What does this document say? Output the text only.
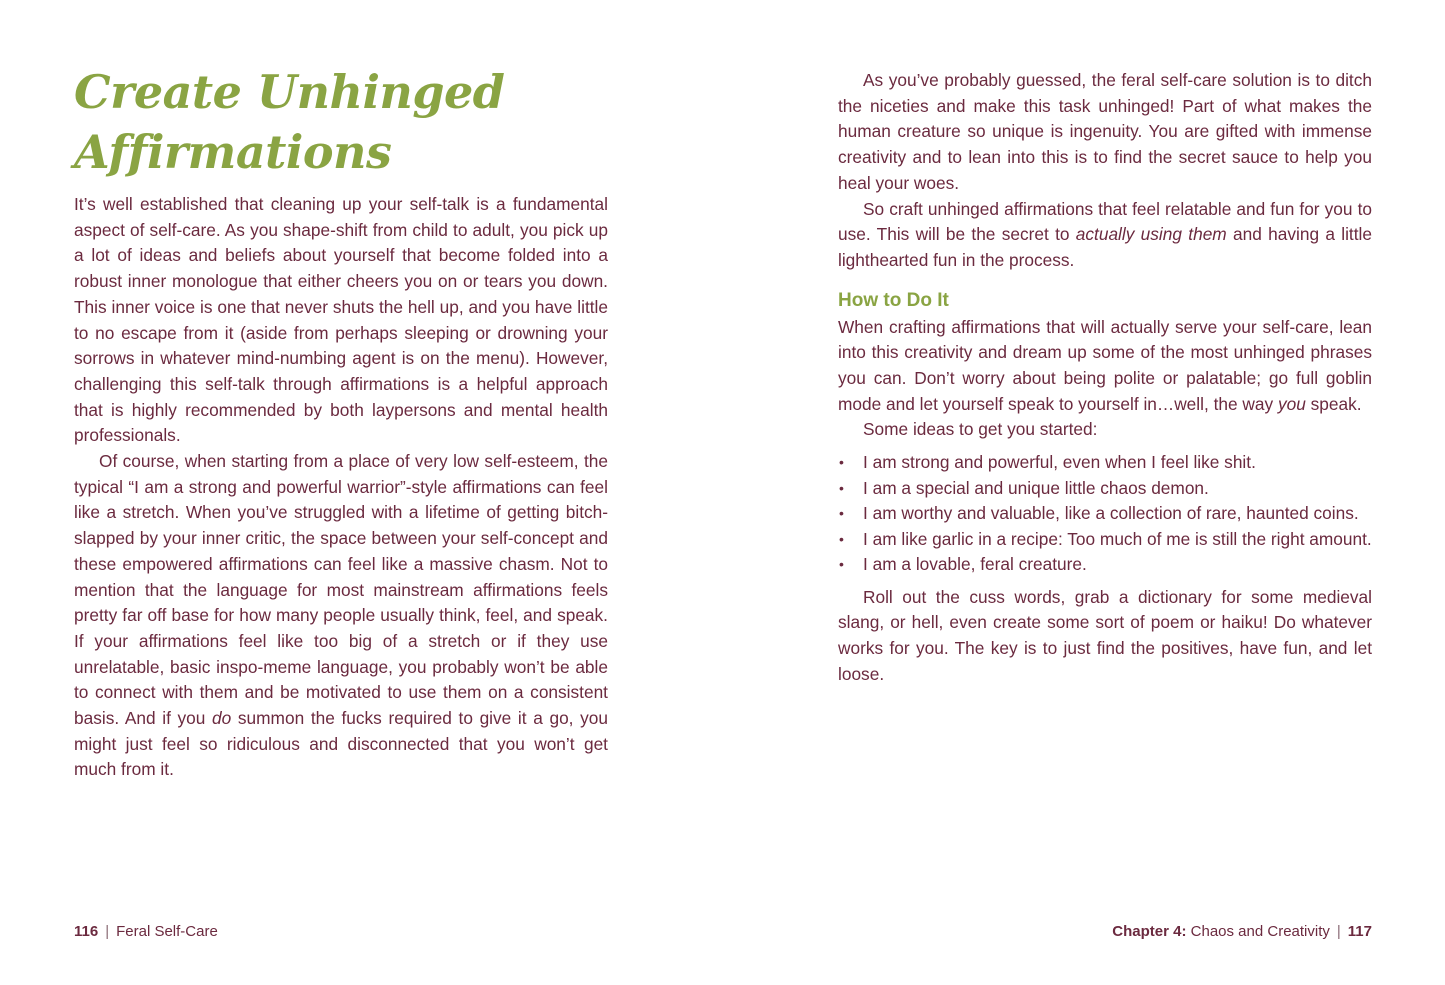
Create Unhinged
Affirmations

It’s well established that cleaning up your self-talk is a fundamental aspect of self-care. As you shape-shift from child to adult, you pick up a lot of ideas and beliefs about yourself that become folded into a robust inner monologue that either cheers you on or tears you down. This inner voice is one that never shuts the hell up, and you have little to no escape from it (aside from perhaps sleeping or drowning your sorrows in whatever mind-numbing agent is on the menu). However, challenging this self-talk through affirmations is a helpful approach that is highly recommended by both laypersons and mental health professionals.

Of course, when starting from a place of very low self-esteem, the typical “I am a strong and powerful warrior”-style affirmations can feel like a stretch. When you’ve struggled with a lifetime of getting bitch-slapped by your inner critic, the space between your self-concept and these empowered affirmations can feel like a massive chasm. Not to mention that the language for most mainstream affirmations feels pretty far off base for how many people usually think, feel, and speak. If your affirmations feel like too big of a stretch or if they use unrelatable, basic inspo-meme language, you probably won’t be able to connect with them and be motivated to use them on a consistent basis. And if you do summon the fucks required to give it a go, you might just feel so ridiculous and disconnected that you won’t get much from it.

As you’ve probably guessed, the feral self-care solution is to ditch the niceties and make this task unhinged! Part of what makes the human creature so unique is ingenuity. You are gifted with immense creativity and to lean into this is to find the secret sauce to help you heal your woes.

So craft unhinged affirmations that feel relatable and fun for you to use. This will be the secret to actually using them and having a little lighthearted fun in the process.

How to Do It

When crafting affirmations that will actually serve your self-care, lean into this creativity and dream up some of the most unhinged phrases you can. Don’t worry about being polite or palatable; go full goblin mode and let yourself speak to yourself in…well, the way you speak.

Some ideas to get you started:

• I am strong and powerful, even when I feel like shit.
• I am a special and unique little chaos demon.
• I am worthy and valuable, like a collection of rare, haunted coins.
• I am like garlic in a recipe: Too much of me is still the right amount.
• I am a lovable, feral creature.

Roll out the cuss words, grab a dictionary for some medieval slang, or hell, even create some sort of poem or haiku! Do whatever works for you. The key is to just find the positives, have fun, and let loose.

116 | Feral Self-Care	Chapter 4: Chaos and Creativity | 117
